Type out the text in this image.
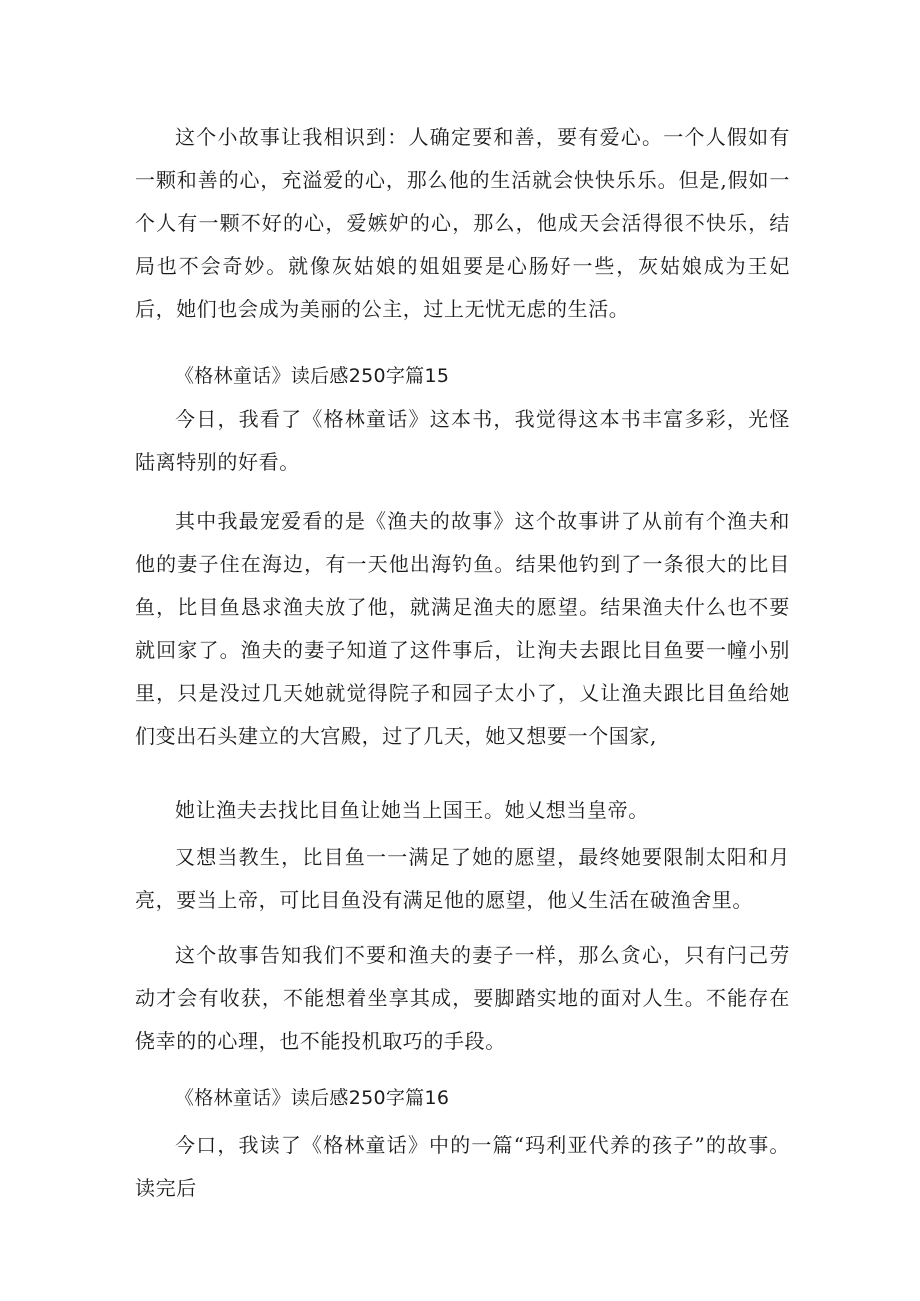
这个小故事让我相识到：人确定要和善，要有爱心。一个人假如有一颗和善的心，充溢爱的心，那么他的生活就会快快乐乐。但是,假如一个人有一颗不好的心，爱嫉妒的心，那么，他成天会活得很不快乐，结局也不会奇妙。就像灰姑娘的姐姐要是心肠好一些，灰姑娘成为王妃后，她们也会成为美丽的公主，过上无忧无虑的生活。

《格林童话》读后感250字篇15

今日，我看了《格林童话》这本书，我觉得这本书丰富多彩，光怪陆离特别的好看。

其中我最宠爱看的是《渔夫的故事》这个故事讲了从前有个渔夫和他的妻子住在海边，有一天他出海钓鱼。结果他钓到了一条很大的比目鱼，比目鱼恳求渔夫放了他，就满足渔夫的愿望。结果渔夫什么也不要就回家了。渔夫的妻子知道了这件事后，让洵夫去跟比目鱼要一幢小别里，只是没过几天她就觉得院子和园子太小了，乂让渔夫跟比目鱼给她们变出石头建立的大宫殿，过了几天，她又想要一个国家,

她让渔夫去找比目鱼让她当上国王。她乂想当皇帝。

又想当教生，比目鱼一一满足了她的愿望，最终她要限制太阳和月亮，要当上帝，可比目鱼没有满足他的愿望，他乂生活在破渔舍里。

这个故事告知我们不要和渔夫的妻子一样，那么贪心，只有闩己劳动才会有收获，不能想着坐享其成，要脚踏实地的面对人生。不能存在侥幸的的心理，也不能投机取巧的手段。

《格林童话》读后感250字篇16

今口，我读了《格林童话》中的一篇“玛利亚代养的孩子”的故事。读完后
